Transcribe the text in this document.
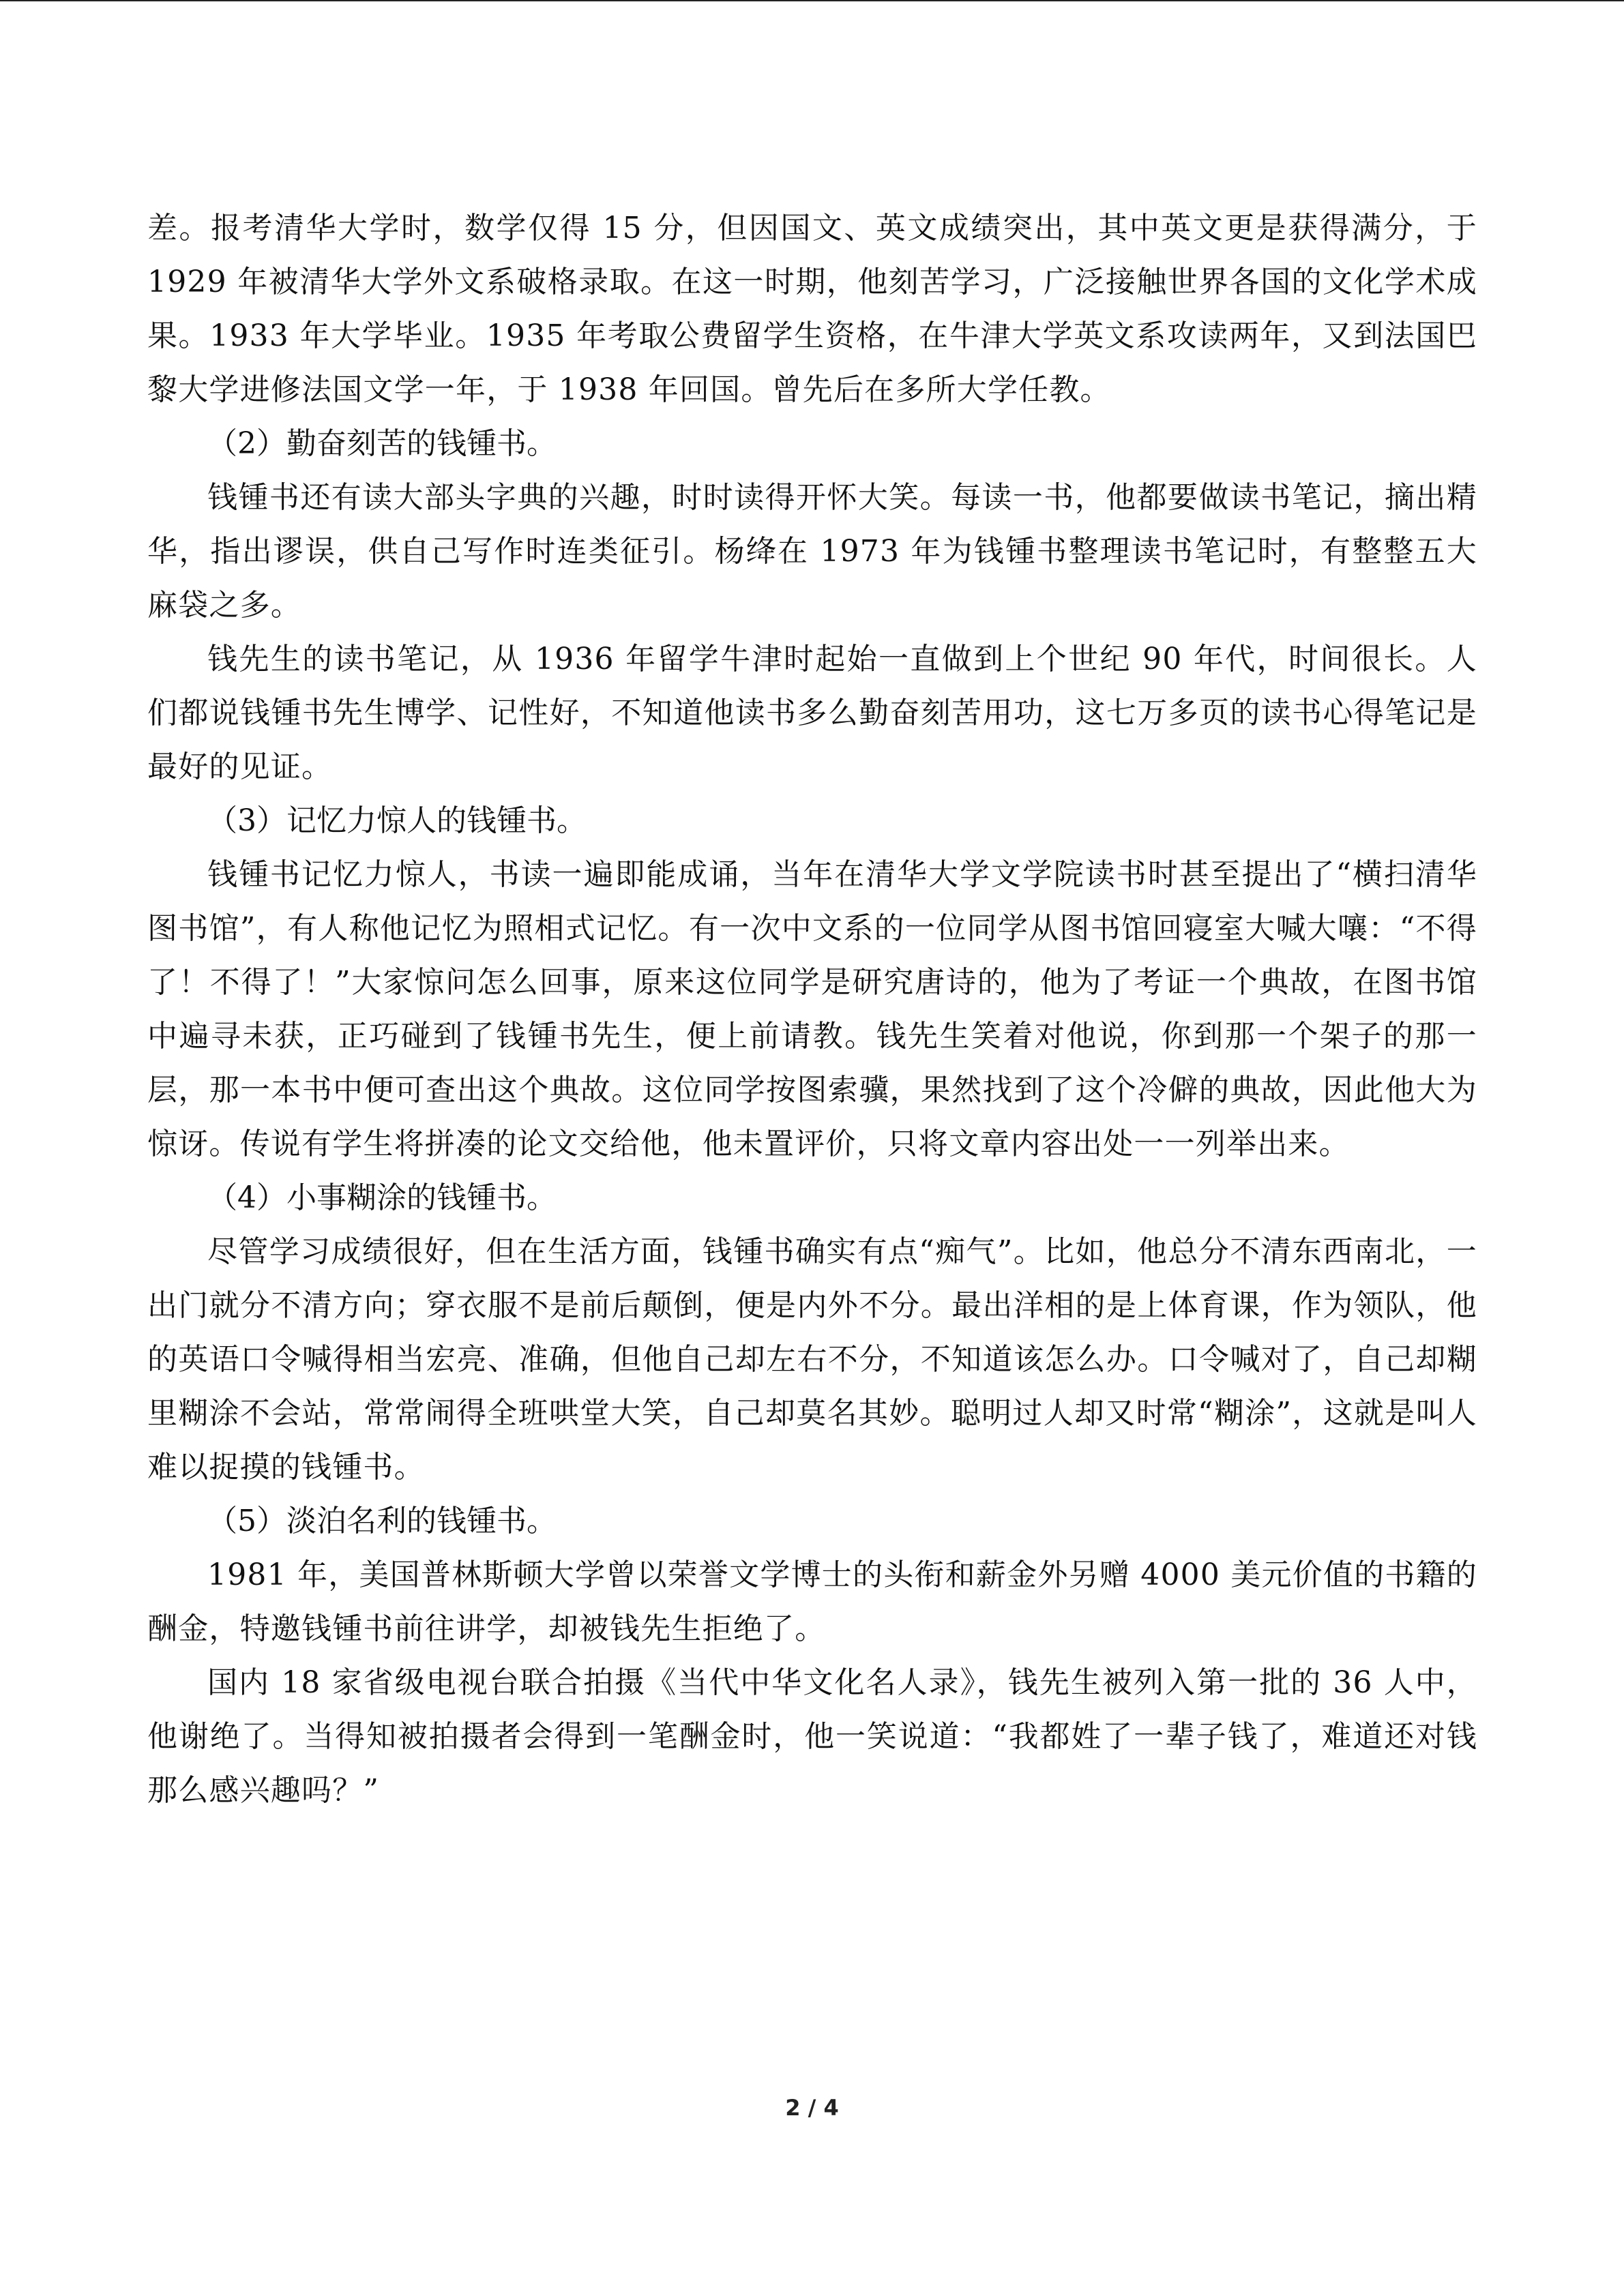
差。报考清华大学时，数学仅得 15 分，但因国文、英文成绩突出，其中英文更是获得满分，于 1929 年被清华大学外文系破格录取。在这一时期，他刻苦学习，广泛接触世界各国的文化学术成果。1933 年大学毕业。1935 年考取公费留学生资格，在牛津大学英文系攻读两年，又到法国巴黎大学进修法国文学一年，于 1938 年回国。曾先后在多所大学任教。

（2）勤奋刻苦的钱锺书。

钱锺书还有读大部头字典的兴趣，时时读得开怀大笑。每读一书，他都要做读书笔记，摘出精华，指出谬误，供自己写作时连类征引。杨绛在 1973 年为钱锺书整理读书笔记时，有整整五大麻袋之多。

钱先生的读书笔记，从 1936 年留学牛津时起始一直做到上个世纪 90 年代，时间很长。人们都说钱锺书先生博学、记性好，不知道他读书多么勤奋刻苦用功，这七万多页的读书心得笔记是最好的见证。

（3）记忆力惊人的钱锺书。

钱锺书记忆力惊人，书读一遍即能成诵，当年在清华大学文学院读书时甚至提出了“横扫清华图书馆”，有人称他记忆为照相式记忆。有一次中文系的一位同学从图书馆回寝室大喊大嚷：“不得了！不得了！”大家惊问怎么回事，原来这位同学是研究唐诗的，他为了考证一个典故，在图书馆中遍寻未获，正巧碰到了钱锺书先生，便上前请教。钱先生笑着对他说，你到那一个架子的那一层，那一本书中便可查出这个典故。这位同学按图索骥，果然找到了这个冷僻的典故，因此他大为惊讶。传说有学生将拼凑的论文交给他，他未置评价，只将文章内容出处一一列举出来。

（4）小事糊涂的钱锺书。

尽管学习成绩很好，但在生活方面，钱锺书确实有点“痴气”。比如，他总分不清东西南北，一出门就分不清方向；穿衣服不是前后颠倒，便是内外不分。最出洋相的是上体育课，作为领队，他的英语口令喊得相当宏亮、准确，但他自己却左右不分，不知道该怎么办。口令喊对了，自己却糊里糊涂不会站，常常闹得全班哄堂大笑，自己却莫名其妙。聪明过人却又时常“糊涂”，这就是叫人难以捉摸的钱锺书。

（5）淡泊名利的钱锺书。

1981 年，美国普林斯顿大学曾以荣誉文学博士的头衔和薪金外另赠 4000 美元价值的书籍的酬金，特邀钱锺书前往讲学，却被钱先生拒绝了。

国内 18 家省级电视台联合拍摄《当代中华文化名人录》，钱先生被列入第一批的 36 人中，他谢绝了。当得知被拍摄者会得到一笔酬金时，他一笑说道：“我都姓了一辈子钱了，难道还对钱那么感兴趣吗？”

2 / 4
